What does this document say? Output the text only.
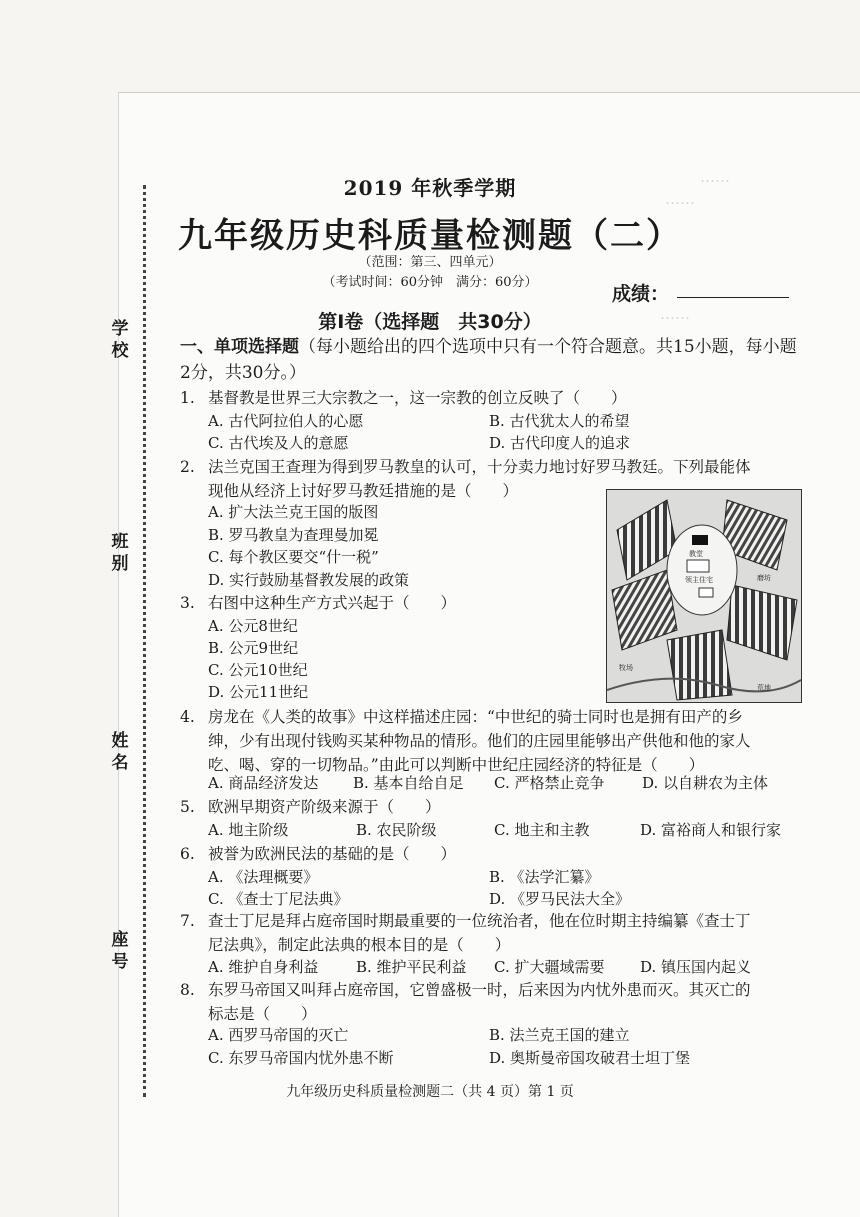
……
……
……
学校
班别
姓名
座号
2019 年秋季学期
九年级历史科质量检测题（二）
（范围：第三、四单元）
（考试时间：60分钟　满分：60分）
成绩：
第Ⅰ卷（选择题　共30分）
一、单项选择题（每小题给出的四个选项中只有一个符合题意。共15小题，每小题2分，共30分。）
1. 基督教是世界三大宗教之一，这一宗教的创立反映了（　　）
A. 古代阿拉伯人的心愿	B. 古代犹太人的希望
C. 古代埃及人的意愿	D. 古代印度人的追求
2. 法兰克国王查理为得到罗马教皇的认可，十分卖力地讨好罗马教廷。下列最能体
现他从经济上讨好罗马教廷措施的是（　　）
A. 扩大法兰克王国的版图
B. 罗马教皇为查理曼加冕
C. 每个教区要交“什一税”
D. 实行鼓励基督教发展的政策
3. 右图中这种生产方式兴起于（　　）
A. 公元8世纪
B. 公元9世纪
C. 公元10世纪
D. 公元11世纪
教堂
领主住宅	磨坊
牧场
荒地
4. 房龙在《人类的故事》中这样描述庄园：“中世纪的骑士同时也是拥有田产的乡
绅，少有出现付钱购买某种物品的情形。他们的庄园里能够出产供他和他的家人
吃、喝、穿的一切物品。”由此可以判断中世纪庄园经济的特征是（　　）
A. 商品经济发达 B. 基本自给自足 C. 严格禁止竞争	D. 以自耕农为主体
5. 欧洲早期资产阶级来源于（　　）
A. 地主阶级	B. 农民阶级	C. 地主和主教	D. 富裕商人和银行家
6. 被誉为欧洲民法的基础的是（　　）
A. 《法理概要》	B. 《法学汇纂》
C. 《查士丁尼法典》	D. 《罗马民法大全》
7. 查士丁尼是拜占庭帝国时期最重要的一位统治者，他在位时期主持编纂《查士丁
尼法典》，制定此法典的根本目的是（　　）
A. 维护自身利益	B. 维护平民利益 C. 扩大疆域需要 D. 镇压国内起义
8. 东罗马帝国又叫拜占庭帝国，它曾盛极一时，后来因为内忧外患而灭。其灭亡的
标志是（　　）
A. 西罗马帝国的灭亡	B. 法兰克王国的建立
C. 东罗马帝国内忧外患不断	D. 奥斯曼帝国攻破君士坦丁堡
九年级历史科质量检测题二（共 4 页）第 1 页
